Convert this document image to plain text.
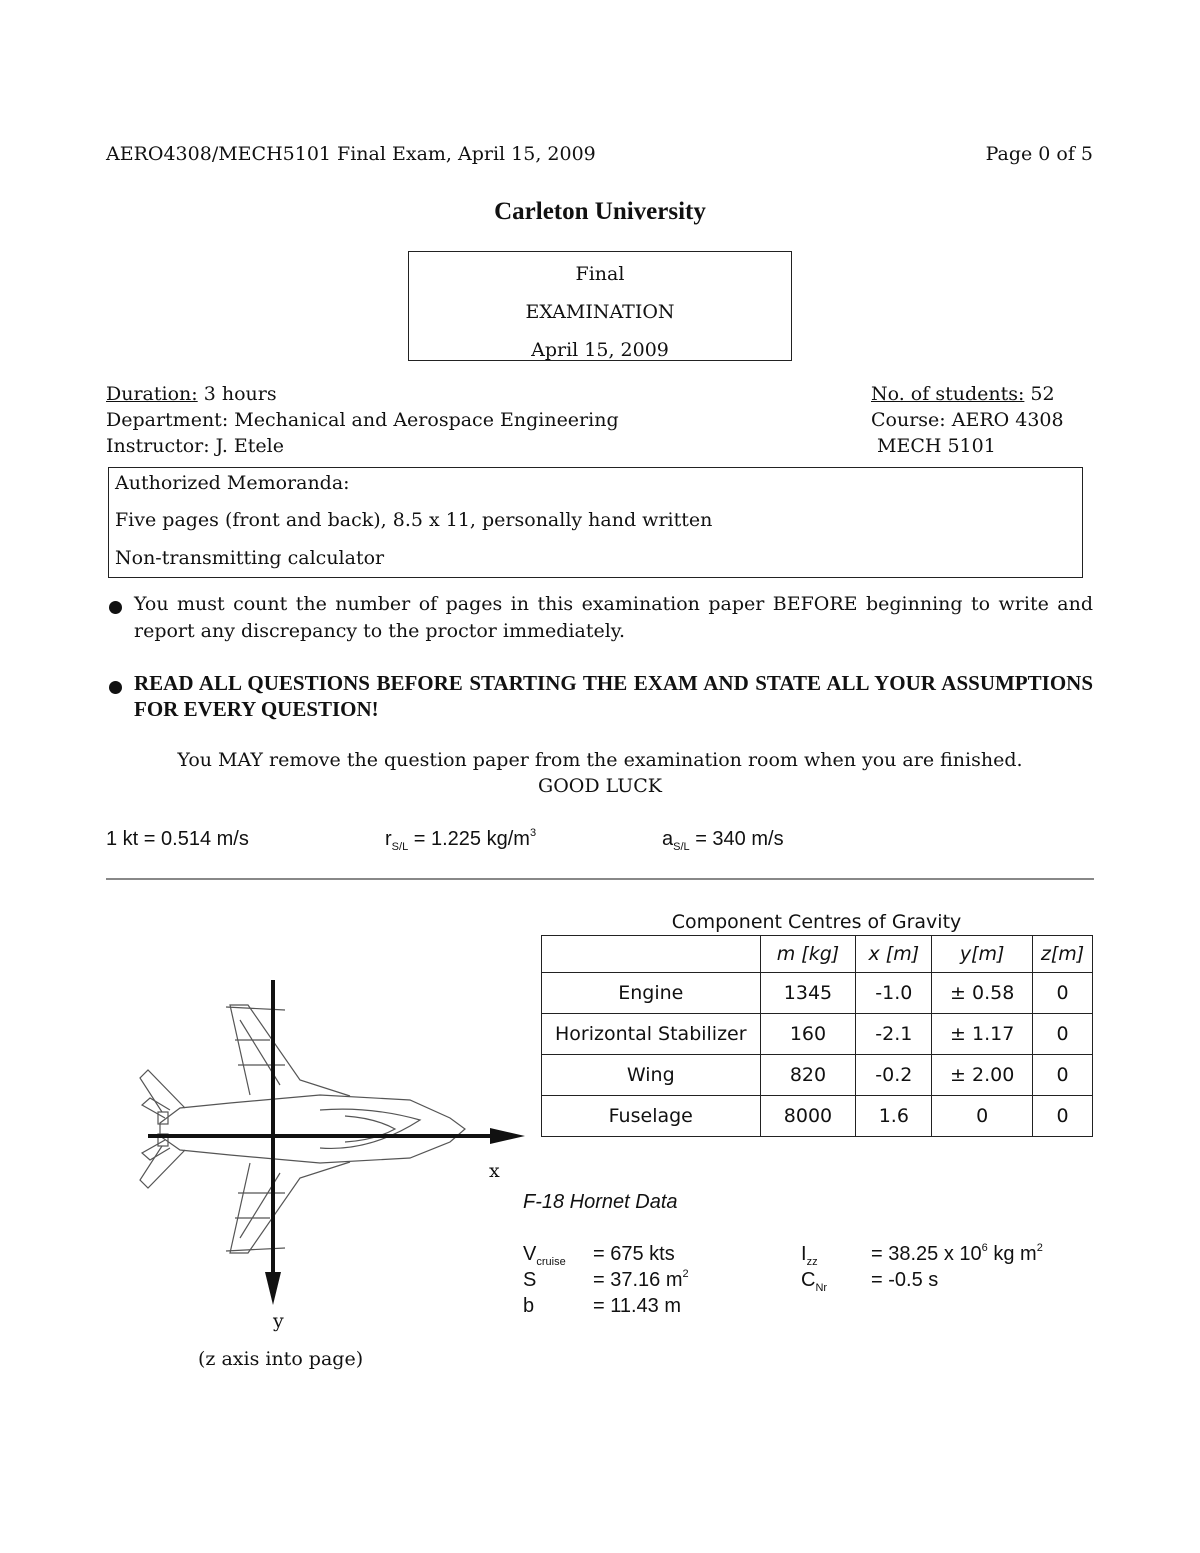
AERO4308/MECH5101 Final Exam, April 15, 2009	Page 0 of 5
Carleton University
Final
EXAMINATION
April 15, 2009
Duration: 3 hours	No. of students: 52
Department: Mechanical and Aerospace Engineering	Course: AERO 4308
Instructor: J. Etele	MECH 5101
Authorized Memoranda:
Five pages (front and back), 8.5 x 11, personally hand written
Non-transmitting calculator
You must count the number of pages in this examination paper BEFORE beginning to write and report any discrepancy to the proctor immediately.
READ ALL QUESTIONS BEFORE STARTING THE EXAM AND STATE ALL YOUR ASSUMPTIONS FOR EVERY QUESTION!
You MAY remove the question paper from the examination room when you are finished.
GOOD LUCK
1 kt = 0.514 m/s	$r_{S/L} = 1.225$ $kg/m^3$	$a_{S/L} = 340$ m/s
x
y
(z axis into page)
Component Centres of Gravity
	m [kg]	x [m]	y[m]	z[m]
Engine	1345	-1.0	± 0.58	0
Horizontal Stabilizer	160	-2.1	± 1.17	0
Wing	820	-0.2	± 2.00	0
Fuselage	8000	1.6	0	0
F-18 Hornet Data
$V_{cruise} = 675$ kts
S	= 37.16 $m^2$
b	= 11.43 m
$I_{zz}$	= 38.25 x $10^6$ kg $m^2$
$C_{Nr} = -0.5$ s
